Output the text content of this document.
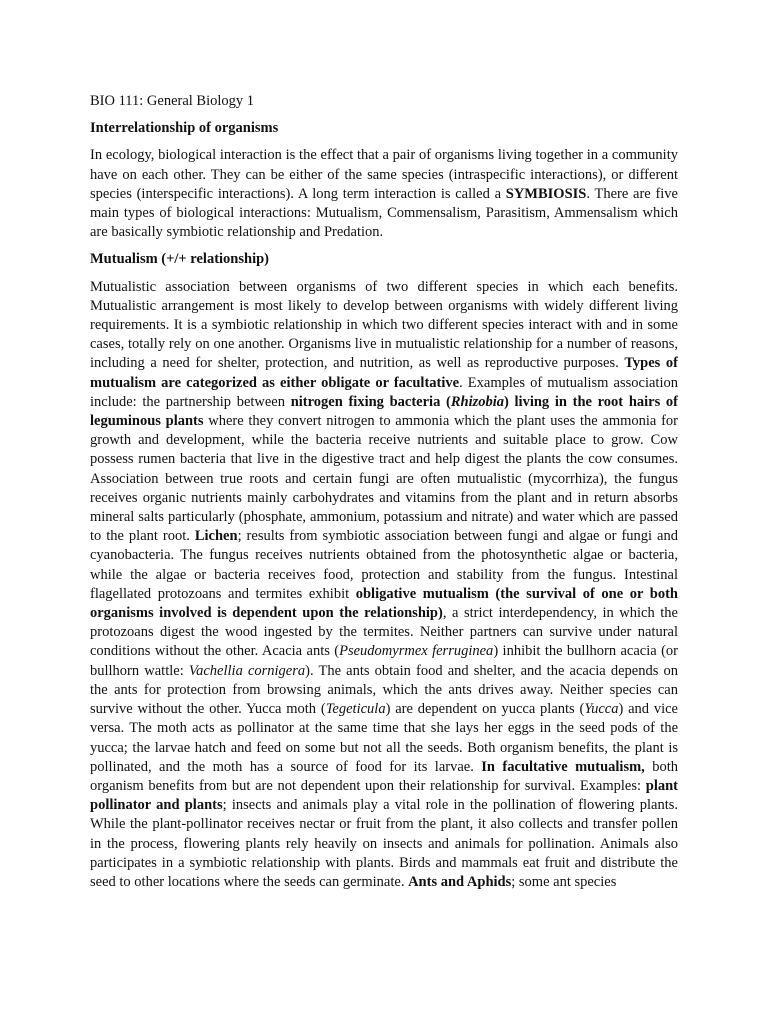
BIO 111: General Biology 1

Interrelationship of organisms

In ecology, biological interaction is the effect that a pair of organisms living together in a community have on each other. They can be either of the same species (intraspecific interactions), or different species (interspecific interactions). A long term interaction is called a SYMBIOSIS. There are five main types of biological interactions: Mutualism, Commensalism, Parasitism, Ammensalism which are basically symbiotic relationship and Predation.

Mutualism (+/+ relationship)

Mutualistic association between organisms of two different species in which each benefits. Mutualistic arrangement is most likely to develop between organisms with widely different living requirements. It is a symbiotic relationship in which two different species interact with and in some cases, totally rely on one another. Organisms live in mutualistic relationship for a number of reasons, including a need for shelter, protection, and nutrition, as well as reproductive purposes. Types of mutualism are categorized as either obligate or facultative. Examples of mutualism association include: the partnership between nitrogen fixing bacteria (Rhizobia) living in the root hairs of leguminous plants where they convert nitrogen to ammonia which the plant uses the ammonia for growth and development, while the bacteria receive nutrients and suitable place to grow. Cow possess rumen bacteria that live in the digestive tract and help digest the plants the cow consumes. Association between true roots and certain fungi are often mutualistic (mycorrhiza), the fungus receives organic nutrients mainly carbohydrates and vitamins from the plant and in return absorbs mineral salts particularly (phosphate, ammonium, potassium and nitrate) and water which are passed to the plant root. Lichen; results from symbiotic association between fungi and algae or fungi and cyanobacteria. The fungus receives nutrients obtained from the photosynthetic algae or bacteria, while the algae or bacteria receives food, protection and stability from the fungus. Intestinal flagellated protozoans and termites exhibit obligative mutualism (the survival of one or both organisms involved is dependent upon the relationship), a strict interdependency, in which the protozoans digest the wood ingested by the termites. Neither partners can survive under natural conditions without the other. Acacia ants (Pseudomyrmex ferruginea) inhibit the bullhorn acacia (or bullhorn wattle: Vachellia cornigera). The ants obtain food and shelter, and the acacia depends on the ants for protection from browsing animals, which the ants drives away. Neither species can survive without the other. Yucca moth (Tegeticula) are dependent on yucca plants (Yucca) and vice versa. The moth acts as pollinator at the same time that she lays her eggs in the seed pods of the yucca; the larvae hatch and feed on some but not all the seeds. Both organism benefits, the plant is pollinated, and the moth has a source of food for its larvae. In facultative mutualism, both organism benefits from but are not dependent upon their relationship for survival. Examples: plant pollinator and plants; insects and animals play a vital role in the pollination of flowering plants. While the plant-pollinator receives nectar or fruit from the plant, it also collects and transfer pollen in the process, flowering plants rely heavily on insects and animals for pollination. Animals also participates in a symbiotic relationship with plants. Birds and mammals eat fruit and distribute the seed to other locations where the seeds can germinate. Ants and Aphids; some ant species
